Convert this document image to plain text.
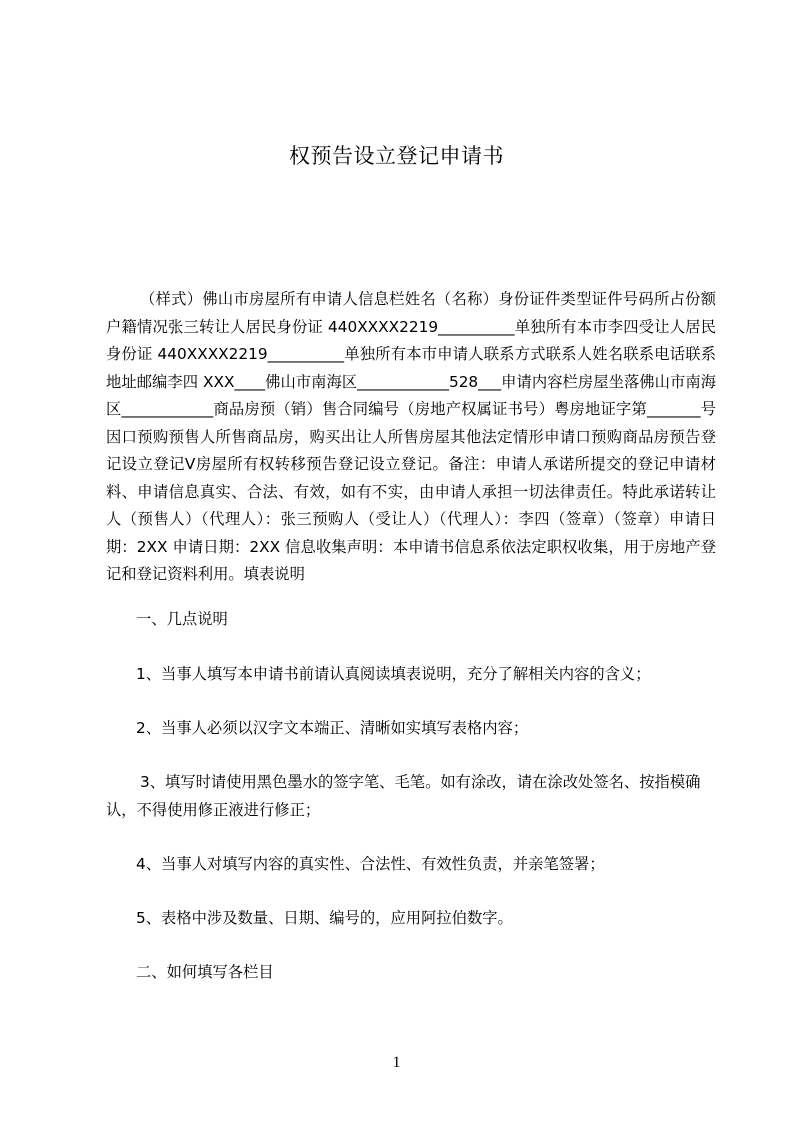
权预告设立登记申请书

（样式）佛山市房屋所有申请人信息栏姓名（名称）身份证件类型证件号码所占份额户籍情况张三转让人居民身份证 440XXXX2219__________单独所有本巿李四受让人居民身份证 440XXXX2219__________单独所有本巿申请人联系方式联系人姓名联系电话联系地址邮编李四 XXX____佛山市南海区____________528___申请内容栏房屋坐落佛山市南海区____________商品房预（销）售合同编号（房地产权属证书号）粤房地证字第_______号因口预购预售人所售商品房，购买出让人所售房屋其他法定情形申请口预购商品房预告登记设立登记Ⅴ房屋所有权转移预告登记设立登记。备注：申请人承诺所提交的登记申请材料、申请信息真实、合法、有效，如有不实，由申请人承担一切法律责任。特此承诺转让人（预售人）（代理人）：张三预购人（受让人）（代理人）：李四（签章）（签章）申请日期：2XX 申请日期：2XX 信息收集声明：本申请书信息系依法定职权收集，用于房地产登记和登记资料利用。填表说明

一、几点说明

1、当事人填写本申请书前请认真阅读填表说明，充分了解相关内容的含义；

2、当事人必须以汉字文本端正、清晰如实填写表格内容；

3、填写时请使用黑色墨水的签字笔、毛笔。如有涂改，请在涂改处签名、按指模确认，不得使用修正液进行修正；

4、当事人对填写内容的真实性、合法性、有效性负责，并亲笔签署；

5、表格中涉及数量、日期、编号的，应用阿拉伯数字。

二、如何填写各栏目

1
